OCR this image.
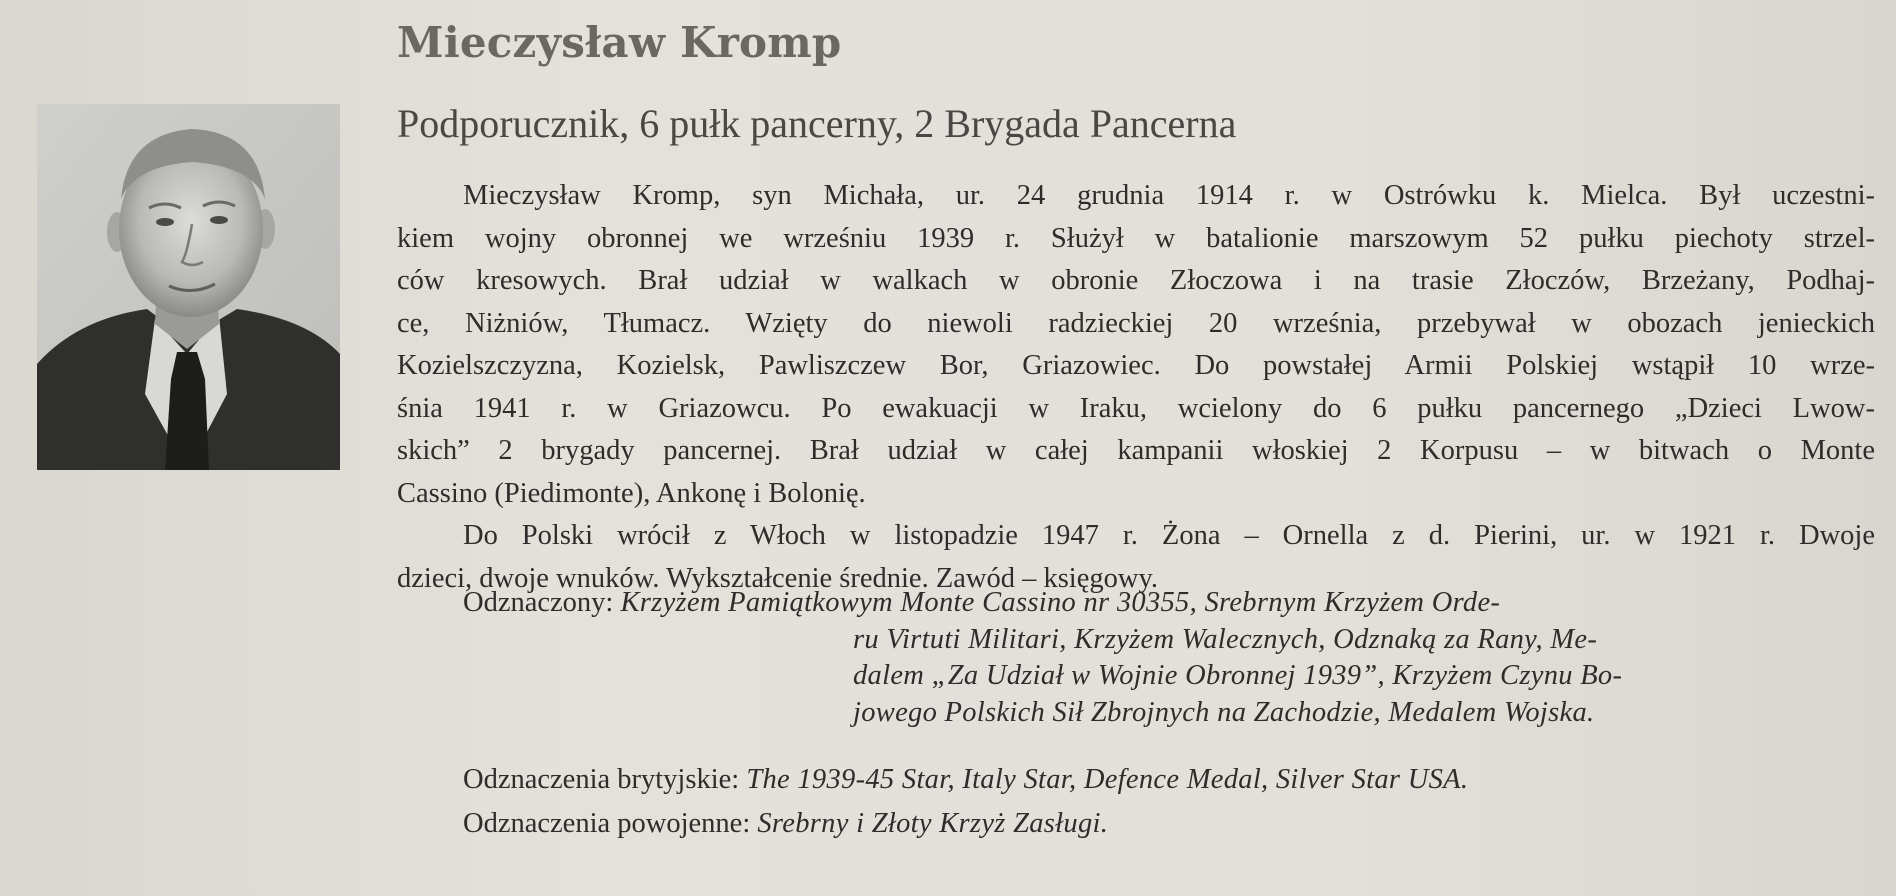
Mieczysław Kromp
Podporucznik, 6 pułk pancerny, 2 Brygada Pancerna
Mieczysław Kromp, syn Michała, ur. 24 grudnia 1914 r. w Ostrówku k. Mielca. Był uczestni-
kiem wojny obronnej we wrześniu 1939 r. Służył w batalionie marszowym 52 pułku piechoty strzel-
ców kresowych. Brał udział w walkach w obronie Złoczowa i na trasie Złoczów, Brzeżany, Podhaj-
ce, Niżniów, Tłumacz. Wzięty do niewoli radzieckiej 20 września, przebywał w obozach jenieckich
Kozielszczyzna, Kozielsk, Pawliszczew Bor, Griazowiec. Do powstałej Armii Polskiej wstąpił 10 wrze-
śnia 1941 r. w Griazowcu. Po ewakuacji w Iraku, wcielony do 6 pułku pancernego „Dzieci Lwow-
skich” 2 brygady pancernej. Brał udział w całej kampanii włoskiej 2 Korpusu – w bitwach o Monte
Cassino (Piedimonte), Ankonę i Bolonię.
Do Polski wrócił z Włoch w listopadzie 1947 r. Żona – Ornella z d. Pierini, ur. w 1921 r. Dwoje
dzieci, dwoje wnuków. Wykształcenie średnie. Zawód – księgowy.
Odznaczony: Krzyżem Pamiątkowym Monte Cassino nr 30355, Srebrnym Krzyżem Orde-
ru Virtuti Militari, Krzyżem Walecznych, Odznaką za Rany, Me-
dalem „Za Udział w Wojnie Obronnej 1939”, Krzyżem Czynu Bo-
jowego Polskich Sił Zbrojnych na Zachodzie, Medalem Wojska.
Odznaczenia brytyjskie: The 1939-45 Star, Italy Star, Defence Medal, Silver Star USA.
Odznaczenia powojenne: Srebrny i Złoty Krzyż Zasługi.
